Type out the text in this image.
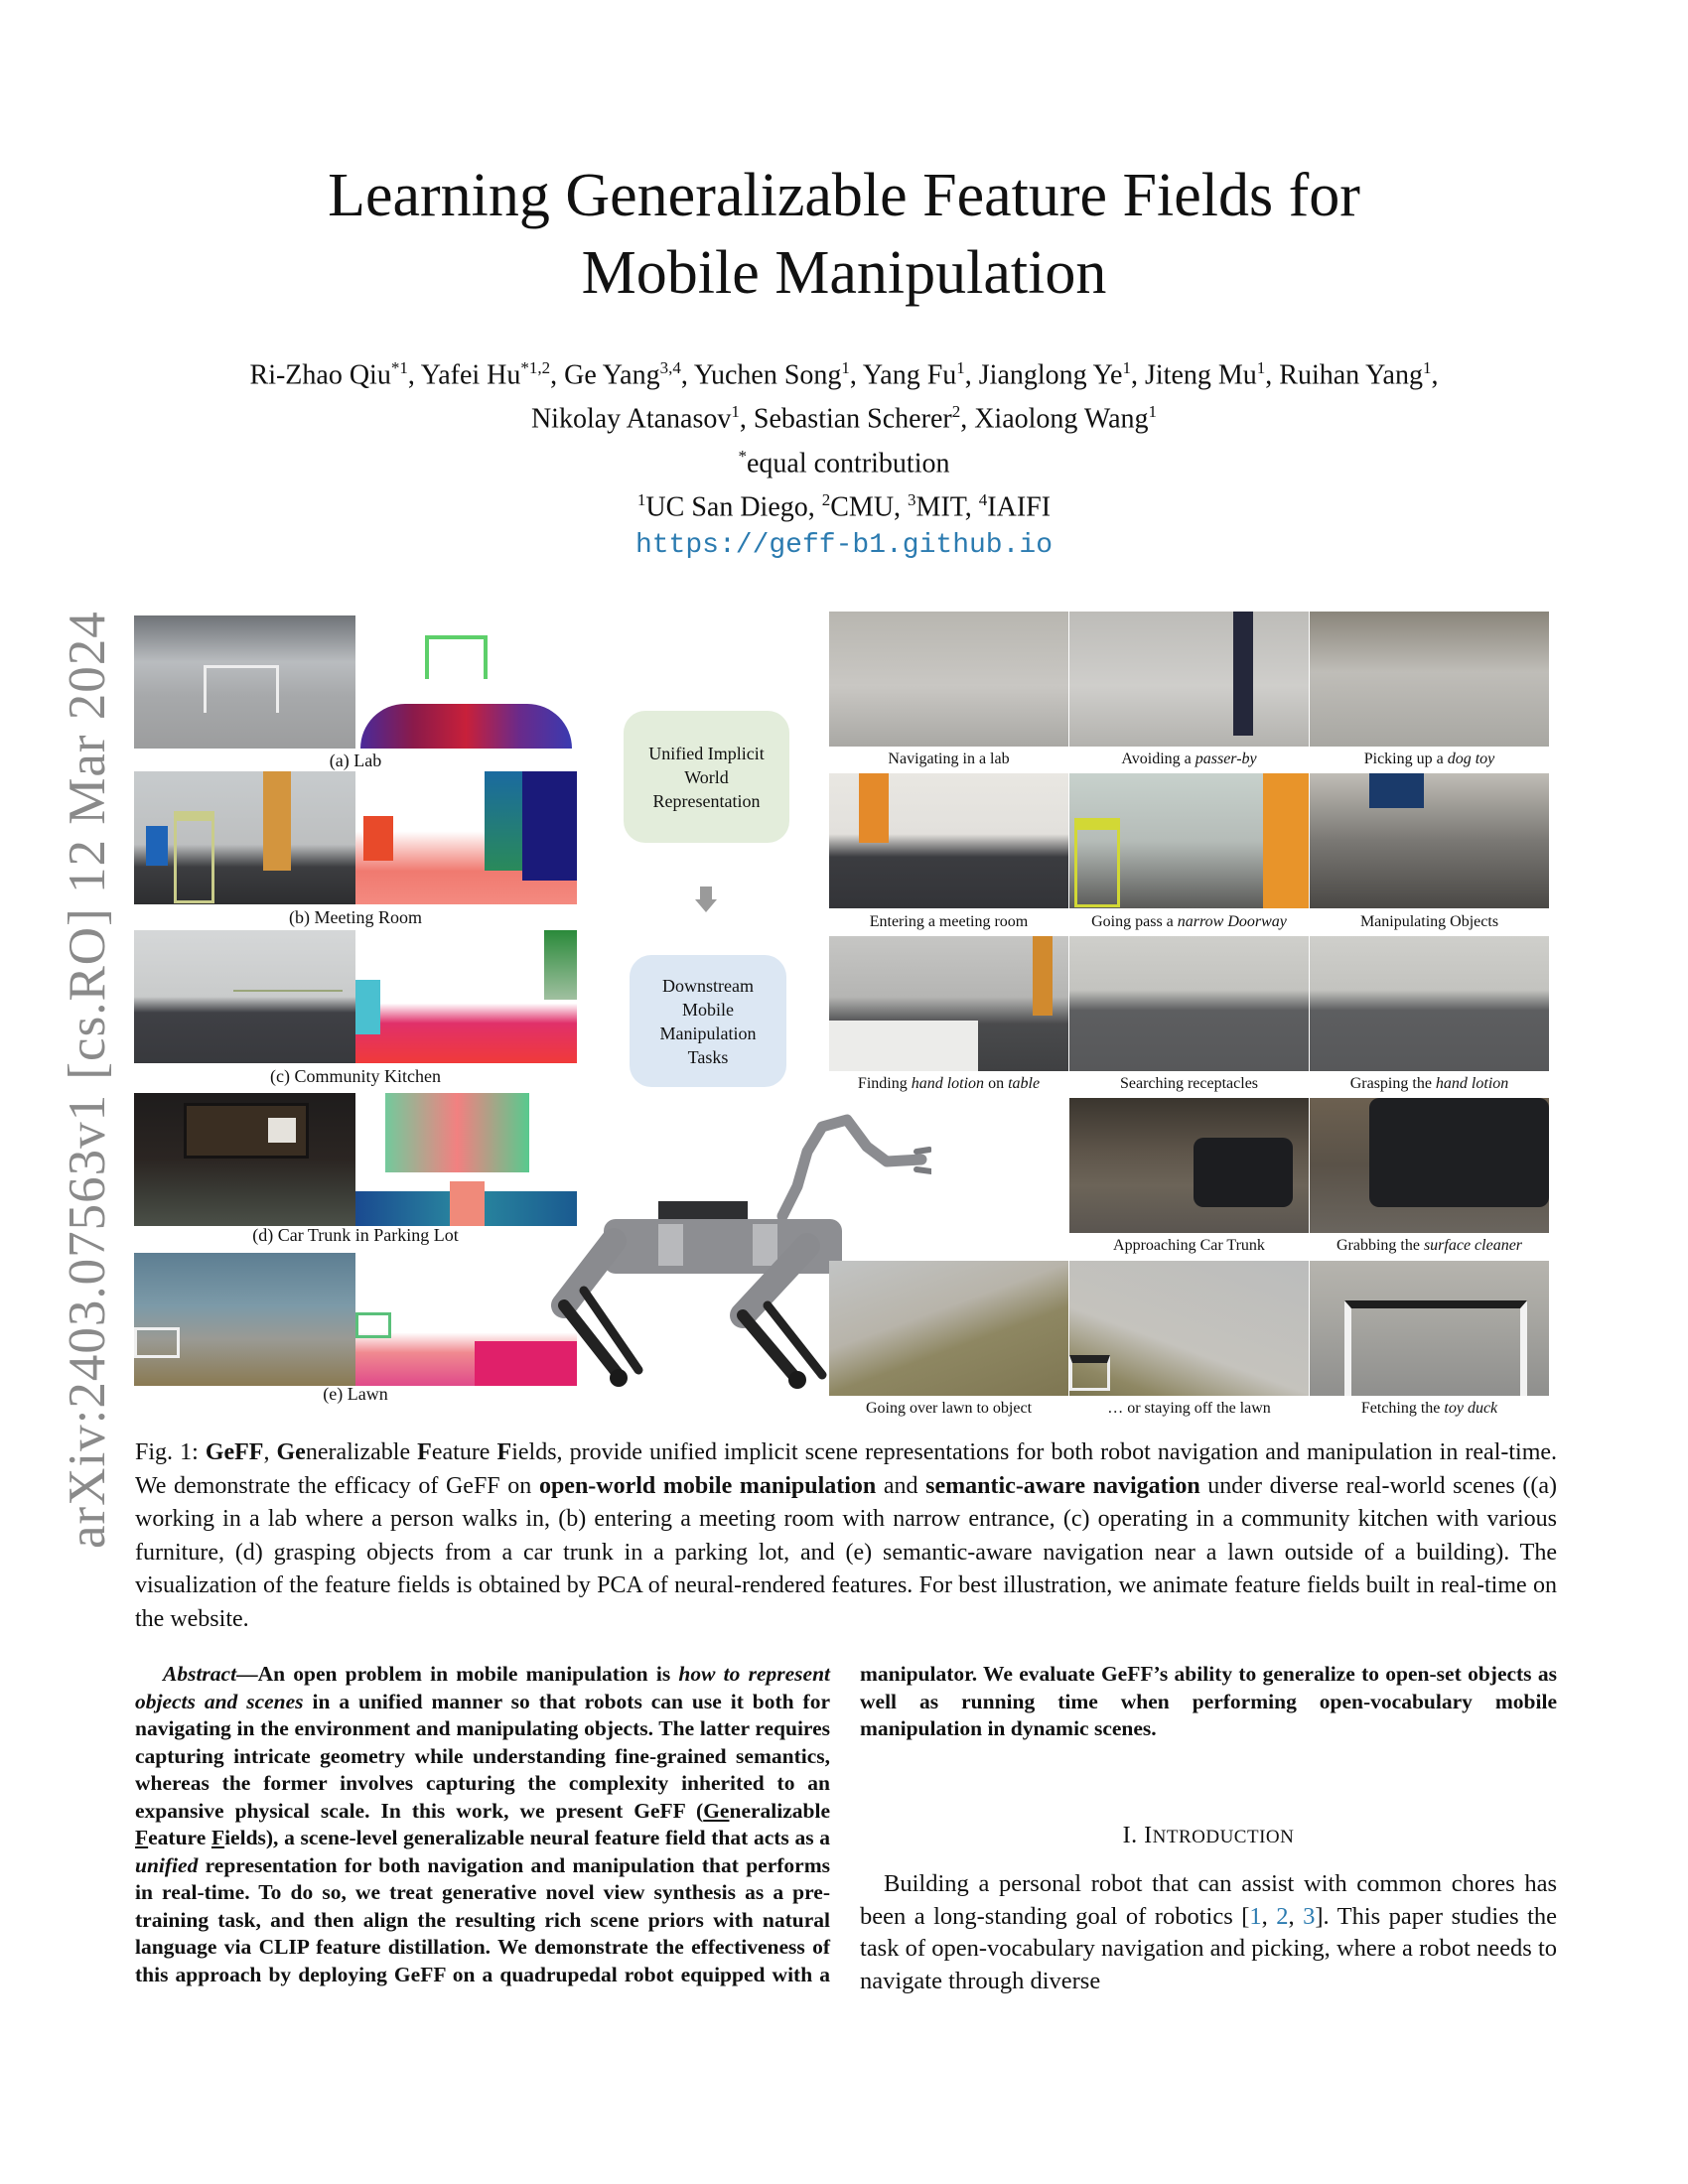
arXiv:2403.07563v1 [cs.RO] 12 Mar 2024
Learning Generalizable Feature Fields for
Mobile Manipulation
Ri-Zhao Qiu$^{*1}$, Yafei Hu$^{*1,2}$, Ge Yang$^{3,4}$, Yuchen Song$^1$, Yang Fu$^1$, Jianglong Ye$^1$, Jiteng Mu$^1$, Ruihan Yang$^1$,
Nikolay Atanasov$^1$, Sebastian Scherer$^2$, Xiaolong Wang$^1$
*equal contribution
$^1$UC San Diego, $^2$CMU, $^3$MIT, $^4$IAIFI
https://geff-b1.github.io
(a) Lab
(b) Meeting Room
(c) Community Kitchen
(d) Car Trunk in Parking Lot
(e) Lawn
Unified Implicit World Representation
Downstream Mobile Manipulation Tasks
Navigating in a lab	Avoiding a passer-by	Picking up a dog toy
Entering a meeting room	Going pass a narrow Doorway	Manipulating Objects
Finding hand lotion on table	Searching receptacles	Grasping the hand lotion
Approaching Car Trunk	Grabbing the surface cleaner
Going over lawn to object	… or staying off the lawn	Fetching the toy duck
Fig. 1: GeFF, Generalizable Feature Fields, provide unified implicit scene representations for both robot navigation and manipulation in real-time. We demonstrate the efficacy of GeFF on open-world mobile manipulation and semantic-aware navigation under diverse real-world scenes ((a) working in a lab where a person walks in, (b) entering a meeting room with narrow entrance, (c) operating in a community kitchen with various furniture, (d) grasping objects from a car trunk in a parking lot, and (e) semantic-aware navigation near a lawn outside of a building). The visualization of the feature fields is obtained by PCA of neural-rendered features. For best illustration, we animate feature fields built in real-time on the website.
Abstract—An open problem in mobile manipulation is how to represent objects and scenes in a unified manner so that robots can use it both for navigating in the environment and manipulating objects. The latter requires capturing intricate geometry while understanding fine-grained semantics, whereas the former involves capturing the complexity inherited to an expansive physical scale. In this work, we present GeFF (Generalizable Feature Fields), a scene-level generalizable neural feature field that acts as a unified representation for both navigation and manipulation that performs in real-time. To do so, we treat generative novel view synthesis as a pre-training task, and then align the resulting rich scene priors with natural language via CLIP feature distillation. We demonstrate the effectiveness of this approach by deploying GeFF on a quadrupedal robot equipped with a
manipulator. We evaluate GeFF’s ability to generalize to open-set objects as well as running time when performing open-vocabulary mobile manipulation in dynamic scenes.
I. INTRODUCTION
Building a personal robot that can assist with common chores has been a long-standing goal of robotics [1, 2, 3]. This paper studies the task of open-vocabulary navigation and picking, where a robot needs to navigate through diverse
